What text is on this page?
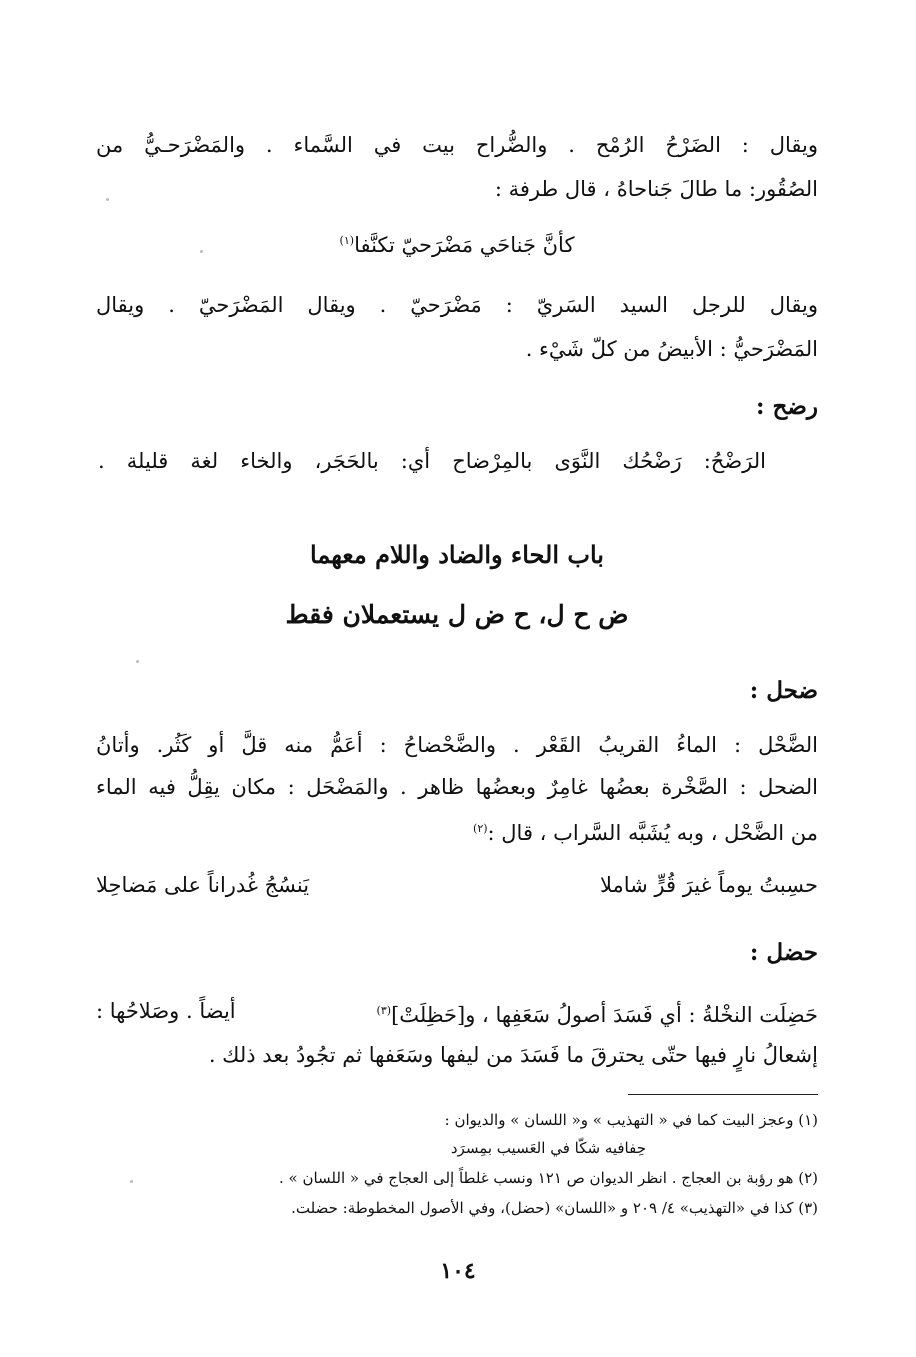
ويقال : الضَرْحُ الرُمْح . والضُّراح بيت في السَّماء . والمَضْرَحـيُّ من
الصُقُور: ما طالَ جَناحاهُ ، قال طرفة :
كأنَّ جَناحَي مَضْرَحيّ تكنَّفا$^{(١)}$
ويقال للرجل السيد السَريّ : مَضْرَحيّ . ويقال المَضْرَحيّ . ويقال
المَضْرَحيُّ : الأبيضُ من كلّ شَيْء .
رضح :
الرَضْحُ: رَضْحُك النَّوَى بالمِرْضاح أي: بالحَجَر، والخاء لغة قليلة .
باب الحاء والضاد واللام معهما
ض ح ل، ح ض ل يستعملان فقط
ضحل :
الضَّحْل : الماءُ القريبُ القَعْر . والضَّحْضاحُ : أعَمُّ منه قلَّ أو كَثُر. وأتانُ
الضحل : الصَّخْرة بعضُها غامِرٌ وبعضُها ظاهر . والمَضْحَل : مكان يقِلُّ فيه الماء
من الضَّحْل ، وبه يُشَبَّه السَّراب ، قال :$^{(٢)}$
حسِبتُ يوماً غيرَ قُرٍّ شاملا
يَنسُجُ غُدراناً على مَضاحِلا
حضل :
حَضِلَت النخْلةُ : أي فَسَدَ أصولُ سَعَفِها ، و[حَظِلَتْ]$^{(٣)}$
أيضاً . وصَلاحُها :
إشعالُ نارٍ فيها حتّى يحترقَ ما فَسَدَ من ليفها وسَعَفها ثم تجُودُ بعد ذلك .
(١) وعجز البيت كما في « التهذيب » و« اللسان » والديوان :
حِفافيه شكّا في العَسيب بمِسرَد
(٢) هو رؤبة بن العجاج . انظر الديوان ص ١٢١ ونسب غلطاً إلى العجاج في « اللسان » .
(٣) كذا في «التهذيب» ٤/ ٢٠٩ و «اللسان» (حضل)، وفي الأصول المخطوطة: حضلت.
١٠٤
